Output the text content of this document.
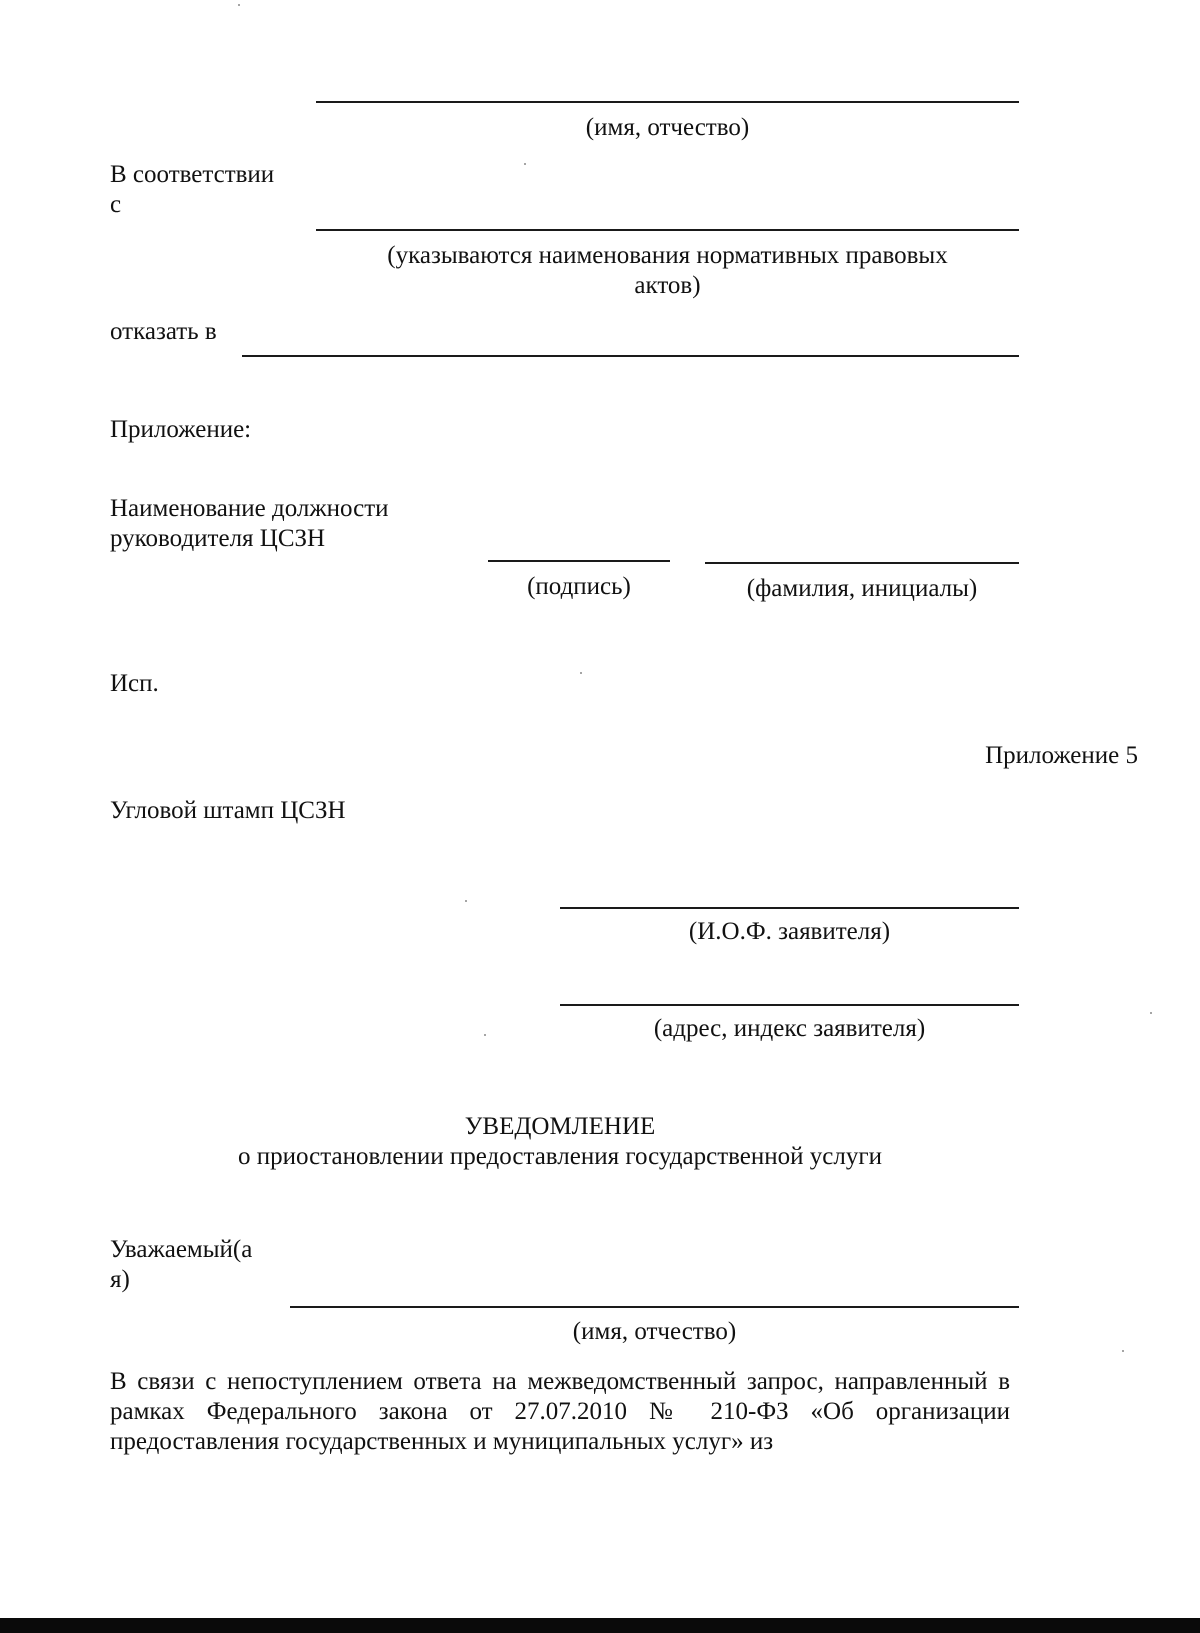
(имя, отчество)

В соответствии

с

(указываются наименования нормативных правовых

актов)

отказать в

Приложение:

Наименование должности

руководителя ЦСЗН

(подпись)	(фамилия, инициалы)

Исп.

Приложение 5

Угловой штамп ЦСЗН

(И.О.Ф. заявителя)

(адрес, индекс заявителя)

УВЕДОМЛЕНИЕ

о приостановлении предоставления государственной услуги

Уважаемый(а

я)

(имя, отчество)

В связи с непоступлением ответа на межведомственный запрос, направленный в рамках Федерального закона от 27.07.2010 № 210-ФЗ «Об организации предоставления государственных и муниципальных услуг» из
